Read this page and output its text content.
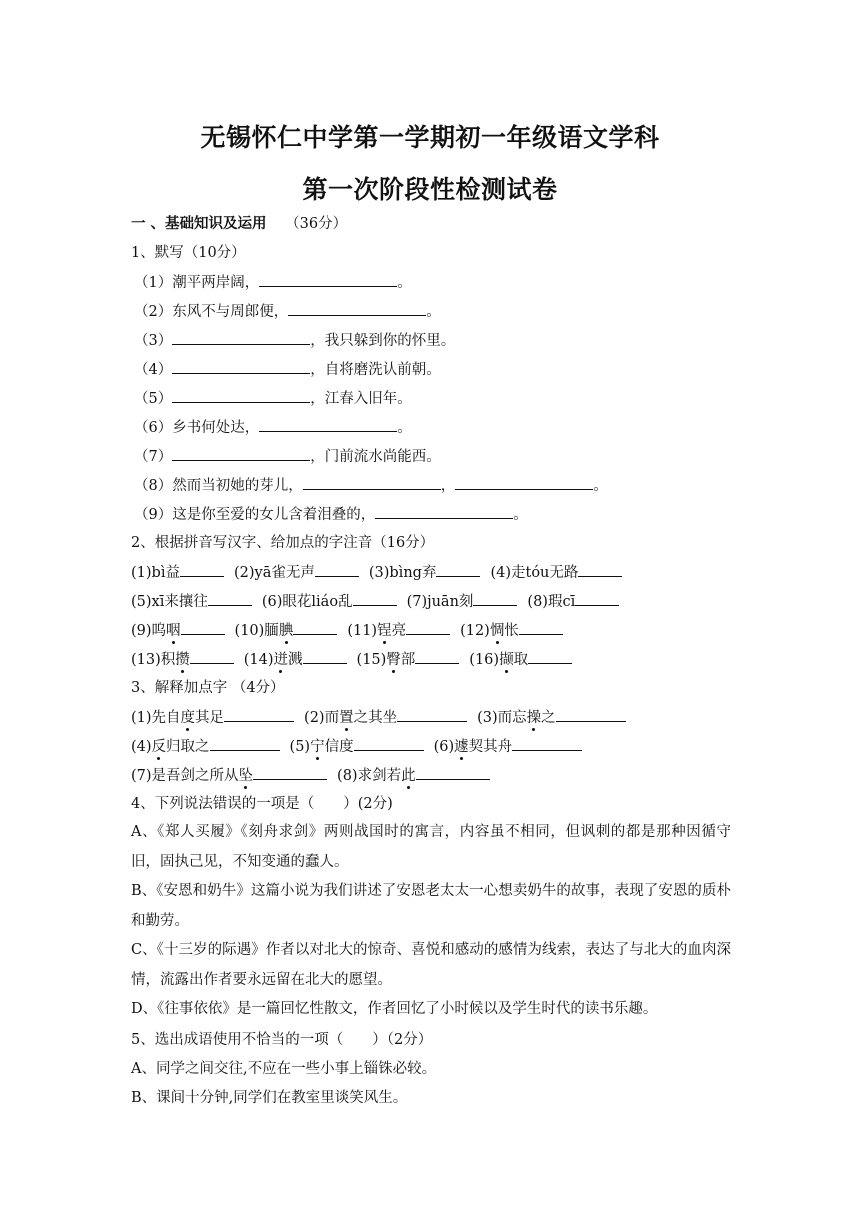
无锡怀仁中学第一学期初一年级语文学科
第一次阶段性检测试卷
一 、基础知识及运用 （36分）
1、默写（10分）
（1）潮平两岸阔，	。
（2）东风不与周郎便，	。
（3）	，我只躲到你的怀里。
（4）	，自将磨洗认前朝。
（5）	，江春入旧年。
（6）乡书何处达，	。
（7）	，门前流水尚能西。
（8）然而当初她的芽儿，	，	。
（9）这是你至爱的女儿含着泪叠的，	。
2、根据拼音写汉字、给加点的字注音（16分）
(1)bì益	(2)yā雀无声	(3)bìng弃	(4)走tóu无路
(5)xī来攘往	(6)眼花liáo乱	(7)juān刻	(8)瑕cī
(9)呜咽	(10)腼腆	(11)锃亮	(12)惆怅
(13)积攒	(14)迸溅	(15)臀部	(16)撷取
3、解释加点字 （4分）
(1)先自度其足	(2)而置之其坐	(3)而忘操之
(4)反归取之	(5)宁信度	(6)遽契其舟
(7)是吾剑之所从坠	(8)求剑若此
4、下列说法错误的一项是（　　）(2分)
A、《郑人买履》《刻舟求剑》两则战国时的寓言，内容虽不相同，但讽刺的都是那种因循守旧，固执己见，不知变通的蠢人。
B、《安恩和奶牛》这篇小说为我们讲述了安恩老太太一心想卖奶牛的故事，表现了安恩的质朴和勤劳。
C、《十三岁的际遇》作者以对北大的惊奇、喜悦和感动的感情为线索，表达了与北大的血肉深情，流露出作者要永远留在北大的愿望。
D、《往事依依》是一篇回忆性散文，作者回忆了小时候以及学生时代的读书乐趣。
5、选出成语使用不恰当的一项（　　）（2分）
A、同学之间交往,不应在一些小事上锱铢必较。
B、课间十分钟,同学们在教室里谈笑风生。
